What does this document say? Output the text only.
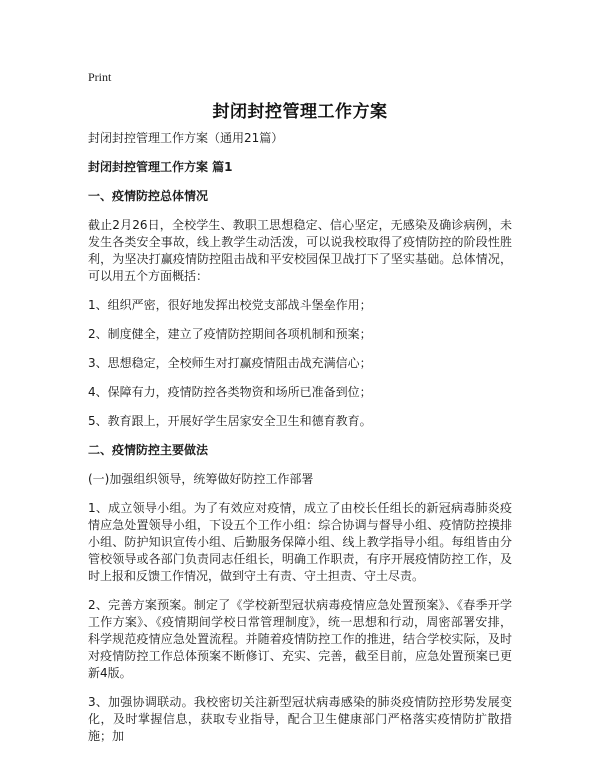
Print
封闭封控管理工作方案

封闭封控管理工作方案（通用21篇）

封闭封控管理工作方案 篇1

一、疫情防控总体情况

截止2月26日，全校学生、教职工思想稳定、信心坚定，无感染及确诊病例，未发生各类安全事故，线上教学生动活泼，可以说我校取得了疫情防控的阶段性胜利，为坚决打赢疫情防控阻击战和平安校园保卫战打下了坚实基础。总体情况，可以用五个方面概括：

1、组织严密，很好地发挥出校党支部战斗堡垒作用；

2、制度健全，建立了疫情防控期间各项机制和预案；

3、思想稳定，全校师生对打赢疫情阻击战充满信心；

4、保障有力，疫情防控各类物资和场所已准备到位；

5、教育跟上，开展好学生居家安全卫生和德育教育。

二、疫情防控主要做法

(一)加强组织领导，统筹做好防控工作部署

1、成立领导小组。为了有效应对疫情，成立了由校长任组长的新冠病毒肺炎疫情应急处置领导小组，下设五个工作小组：综合协调与督导小组、疫情防控摸排小组、防护知识宣传小组、后勤服务保障小组、线上教学指导小组。每组皆由分管校领导或各部门负责同志任组长，明确工作职责，有序开展疫情防控工作，及时上报和反馈工作情况，做到守土有责、守土担责、守土尽责。

2、完善方案预案。制定了《学校新型冠状病毒疫情应急处置预案》、《春季开学工作方案》、《疫情期间学校日常管理制度》，统一思想和行动，周密部署安排，科学规范疫情应急处置流程。并随着疫情防控工作的推进，结合学校实际，及时对疫情防控工作总体预案不断修订、充实、完善，截至目前，应急处置预案已更新4版。

3、加强协调联动。我校密切关注新型冠状病毒感染的肺炎疫情防控形势发展变化，及时掌握信息，获取专业指导，配合卫生健康部门严格落实疫情防扩散措施；加
